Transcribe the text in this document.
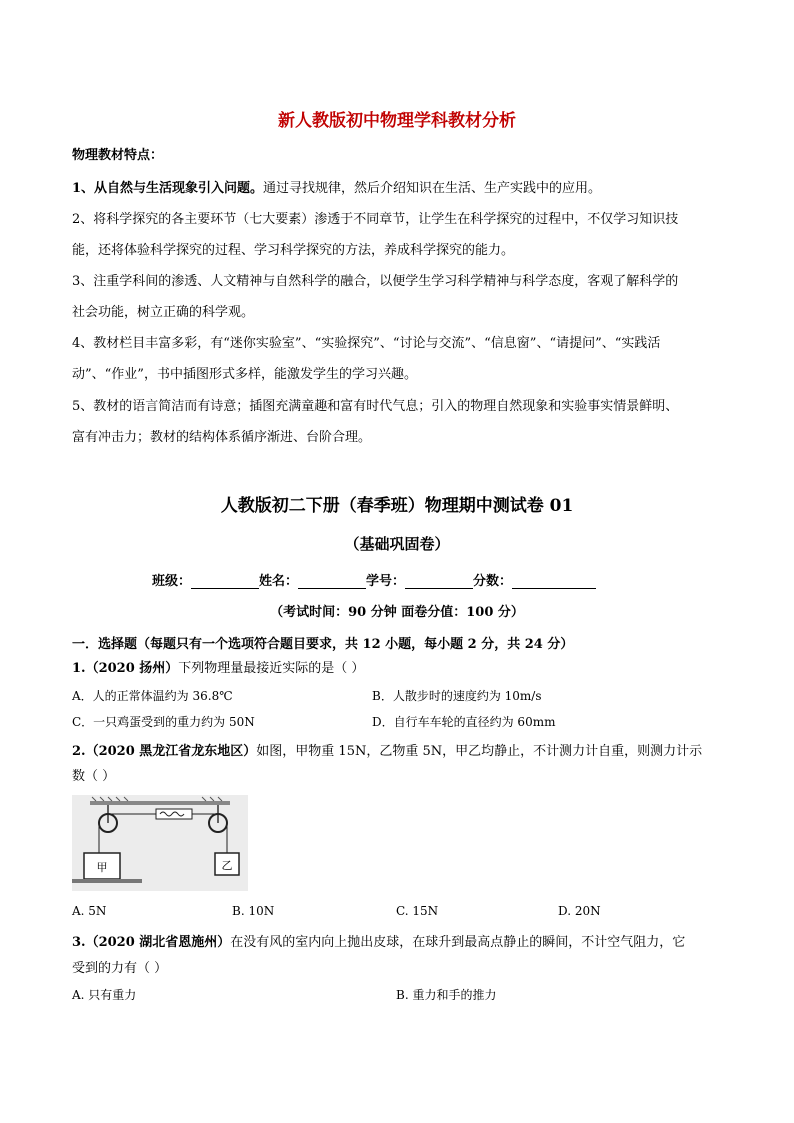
新人教版初中物理学科教材分析
物理教材特点：
1、从自然与生活现象引入问题。通过寻找规律，然后介绍知识在生活、生产实践中的应用。
2、将科学探究的各主要环节（七大要素）渗透于不同章节，让学生在科学探究的过程中，不仅学习知识技
能，还将体验科学探究的过程、学习科学探究的方法，养成科学探究的能力。
3、注重学科间的渗透、人文精神与自然科学的融合，以便学生学习科学精神与科学态度，客观了解科学的
社会功能，树立正确的科学观。
4、教材栏目丰富多彩，有“迷你实验室”、“实验探究”、“讨论与交流”、“信息窗”、“请提问”、“实践活
动”、“作业”，书中插图形式多样，能激发学生的学习兴趣。
5、教材的语言简洁而有诗意；插图充满童趣和富有时代气息；引入的物理自然现象和实验事实情景鲜明、
富有冲击力；教材的结构体系循序渐进、台阶合理。
人教版初二下册（春季班）物理期中测试卷 01
（基础巩固卷）
班级：	姓名：	学号：	分数：
（考试时间：90 分钟 面卷分值：100 分）
一．选择题（每题只有一个选项符合题目要求，共 12 小题，每小题 2 分，共 24 分）
1.（2020 扬州）下列物理量最接近实际的是（ ）
A．人的正常体温约为 36.8℃	B．人散步时的速度约为 10m/s
C．一只鸡蛋受到的重力约为 50N	D．自行车车轮的直径约为 60mm
2.（2020 黑龙江省龙东地区）如图，甲物重 15N，乙物重 5N，甲乙均静止，不计测力计自重，则测力计示
数（ ）
甲	乙
A. 5N	B. 10N	C. 15N	D. 20N
3.（2020 湖北省恩施州）在没有风的室内向上抛出皮球，在球升到最高点静止的瞬间，不计空气阻力，它
受到的力有（ ）
A. 只有重力	B. 重力和手的推力
